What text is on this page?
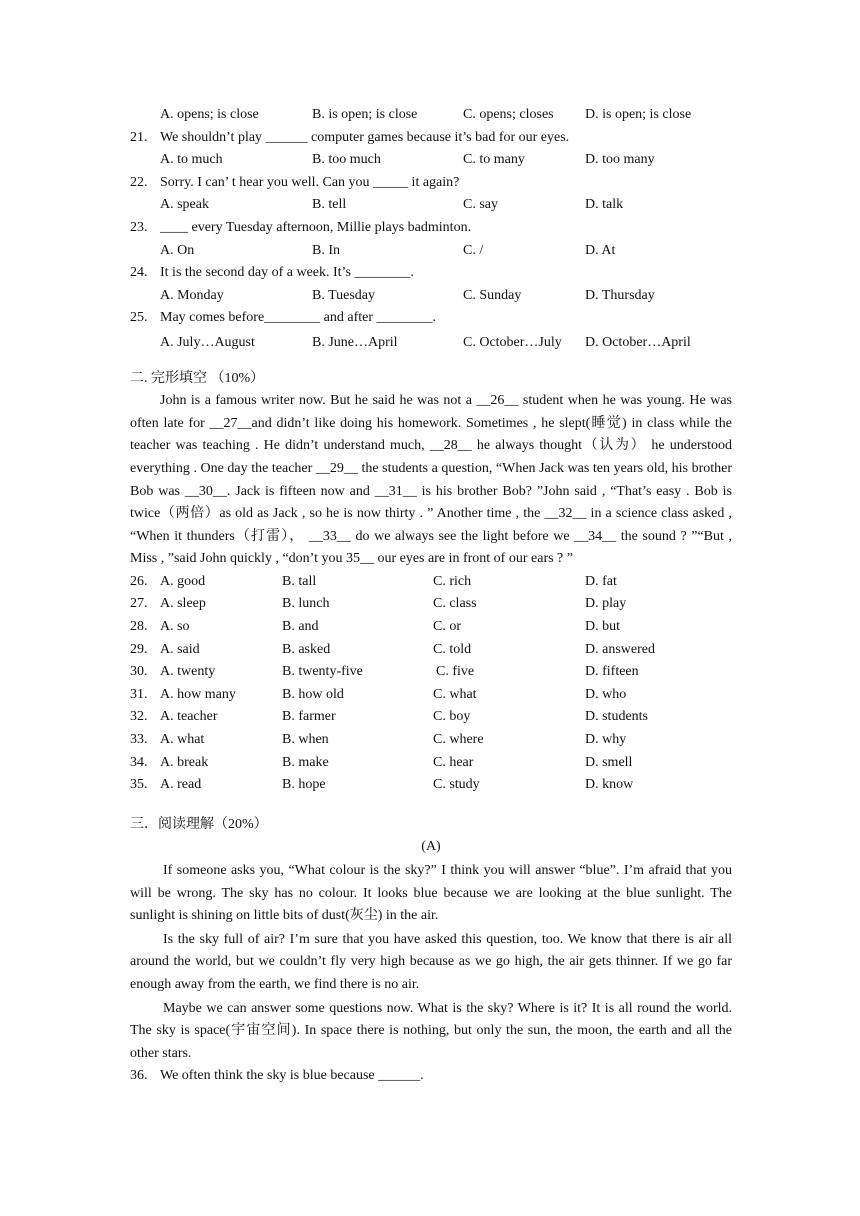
A. opens; is close	B. is open; is close	C. opens; closes D. is open; is close
21. We shouldn’t play ______ computer games because it’s bad for our eyes.
A. to much	B. too much	C. to many	D. too many
22. Sorry. I can’ t hear you well. Can you _____ it again?
A. speak	B. tell	C. say	D. talk
23. ____ every Tuesday afternoon, Millie plays badminton.
A. On	B. In	C. /	D. At
24. It is the second day of a week. It’s ________.
A. Monday	B. Tuesday	C. Sunday	D. Thursday
25. May comes before________ and after ________.
A. July…August	B. June…April	C. October…July D. October…April
二. 完形填空 （10%）

John is a famous writer now. But he said he was not a __26__ student when he was young. He was often late for __27__and didn’t like doing his homework. Sometimes , he slept(睡觉) in class while the teacher was teaching . He didn’t understand much, __28__ he always thought（认为） he understood everything . One day the teacher __29__ the students a question, “When Jack was ten years old, his brother Bob was __30__. Jack is fifteen now and __31__ is his brother Bob? ”John said , “That’s easy . Bob is twice（两倍）as old as Jack , so he is now thirty . ” Another time , the __32__ in a science class asked , “When it thunders（打雷）， __33__ do we always see the light before we __34__ the sound ? ”“But , Miss , ”said John quickly , “don’t you 35__ our eyes are in front of our ears ? ”

26. A. good	B. tall	C. rich	D. fat
27. A. sleep	B. lunch	C. class	D. play
28. A. so	B. and	C. or	D. but
29. A. said	B. asked	C. told	D. answered
30. A. twenty	B. twenty-five	C. five	D. fifteen
31. A. how many	B. how old	C. what	D. who
32. A. teacher	B. farmer	C. boy	D. students
33. A. what	B. when	C. where	D. why
34. A. break	B. make	C. hear	D. smell
35. A. read	B. hope	C. study	D. know
三．阅读理解（20%）
(A)

If someone asks you, “What colour is the sky?” I think you will answer “blue”. I’m afraid that you will be wrong. The sky has no colour. It looks blue because we are looking at the blue sunlight. The sunlight is shining on little bits of dust(灰尘) in the air.

Is the sky full of air? I’m sure that you have asked this question, too. We know that there is air all around the world, but we couldn’t fly very high because as we go high, the air gets thinner. If we go far enough away from the earth, we find there is no air.

Maybe we can answer some questions now. What is the sky? Where is it? It is all round the world. The sky is space(宇宙空间). In space there is nothing, but only the sun, the moon, the earth and all the other stars.

36. We often think the sky is blue because ______.
